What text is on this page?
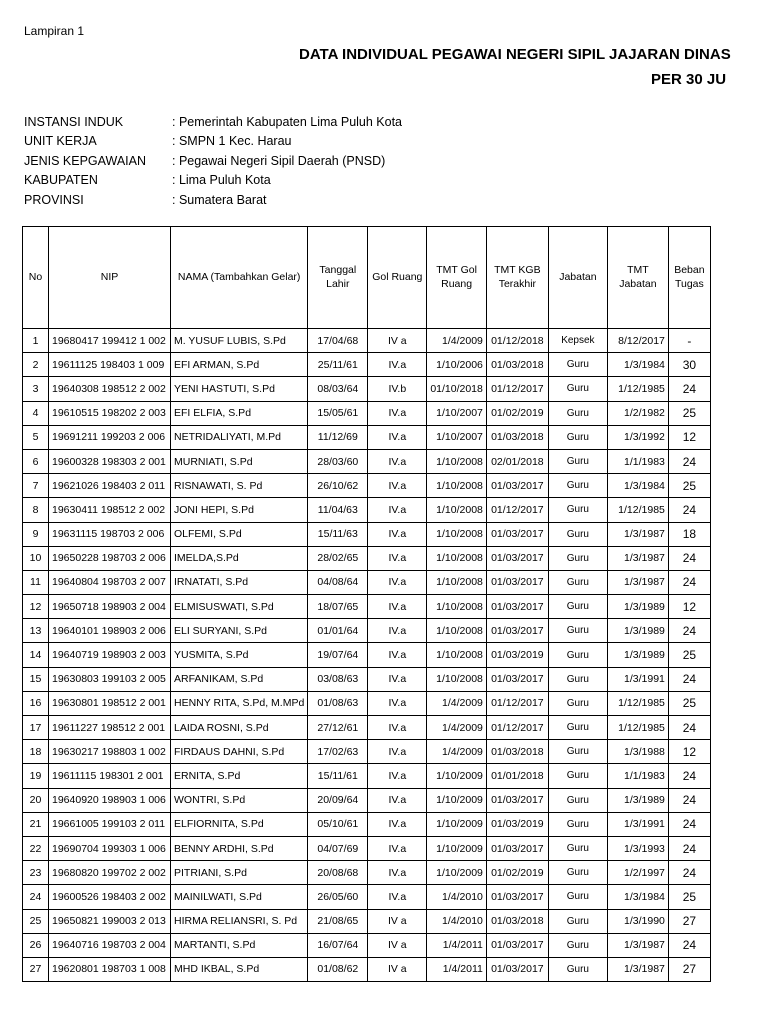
Lampiran 1
DATA INDIVIDUAL PEGAWAI NEGERI SIPIL JAJARAN DINAS
PER 30 JU
INSTANSI INDUK	: Pemerintah Kabupaten Lima Puluh Kota
UNIT KERJA	: SMPN 1 Kec. Harau
JENIS KEPGAWAIAN	: Pegawai Negeri Sipil Daerah (PNSD)
KABUPATEN	: Lima Puluh Kota
PROVINSI	: Sumatera Barat
No	NIP	NAMA (Tambahkan Gelar)	Tanggal Lahir	Gol Ruang	TMT Gol Ruang	TMT KGB Terakhir	Jabatan	TMT Jabatan	Beban Tugas
1	19680417 199412 1 002	M. YUSUF LUBIS, S.Pd	17/04/68	IV a	1/4/2009	01/12/2018	Kepsek	8/12/2017	-
2	19611125 198403 1 009	EFI ARMAN, S.Pd	25/11/61	IV.a	1/10/2006	01/03/2018	Guru	1/3/1984	30
3	19640308 198512 2 002	YENI HASTUTI, S.Pd	08/03/64	IV.b	01/10/2018	01/12/2017	Guru	1/12/1985	24
4	19610515 198202 2 003	EFI ELFIA, S.Pd	15/05/61	IV.a	1/10/2007	01/02/2019	Guru	1/2/1982	25
5	19691211 199203 2 006	NETRIDALIYATI, M.Pd	11/12/69	IV.a	1/10/2007	01/03/2018	Guru	1/3/1992	12
6	19600328 198303 2 001	MURNIATI, S.Pd	28/03/60	IV.a	1/10/2008	02/01/2018	Guru	1/1/1983	24
7	19621026 198403 2 011	RISNAWATI, S. Pd	26/10/62	IV.a	1/10/2008	01/03/2017	Guru	1/3/1984	25
8	19630411 198512 2 002	JONI HEPI, S.Pd	11/04/63	IV.a	1/10/2008	01/12/2017	Guru	1/12/1985	24
9	19631115 198703 2 006	OLFEMI, S.Pd	15/11/63	IV.a	1/10/2008	01/03/2017	Guru	1/3/1987	18
10	19650228 198703 2 006	IMELDA,S.Pd	28/02/65	IV.a	1/10/2008	01/03/2017	Guru	1/3/1987	24
11	19640804 198703 2 007	IRNATATI, S.Pd	04/08/64	IV.a	1/10/2008	01/03/2017	Guru	1/3/1987	24
12	19650718 198903 2 004	ELMISUSWATI, S.Pd	18/07/65	IV.a	1/10/2008	01/03/2017	Guru	1/3/1989	12
13	19640101 198903 2 006	ELI SURYANI, S.Pd	01/01/64	IV.a	1/10/2008	01/03/2017	Guru	1/3/1989	24
14	19640719 198903 2 003	YUSMITA, S.Pd	19/07/64	IV.a	1/10/2008	01/03/2019	Guru	1/3/1989	25
15	19630803 199103 2 005	ARFANIKAM, S.Pd	03/08/63	IV.a	1/10/2008	01/03/2017	Guru	1/3/1991	24
16	19630801 198512 2 001	HENNY RITA, S.Pd, M.MPd	01/08/63	IV.a	1/4/2009	01/12/2017	Guru	1/12/1985	25
17	19611227 198512 2 001	LAIDA ROSNI, S.Pd	27/12/61	IV.a	1/4/2009	01/12/2017	Guru	1/12/1985	24
18	19630217 198803 1 002	FIRDAUS DAHNI, S.Pd	17/02/63	IV.a	1/4/2009	01/03/2018	Guru	1/3/1988	12
19	19611115 198301 2 001	ERNITA, S.Pd	15/11/61	IV.a	1/10/2009	01/01/2018	Guru	1/1/1983	24
20	19640920 198903 1 006	WONTRI, S.Pd	20/09/64	IV.a	1/10/2009	01/03/2017	Guru	1/3/1989	24
21	19661005 199103 2 011	ELFIORNITA, S.Pd	05/10/61	IV.a	1/10/2009	01/03/2019	Guru	1/3/1991	24
22	19690704 199303 1 006	BENNY ARDHI, S.Pd	04/07/69	IV.a	1/10/2009	01/03/2017	Guru	1/3/1993	24
23	19680820 199702 2 002	PITRIANI, S.Pd	20/08/68	IV.a	1/10/2009	01/02/2019	Guru	1/2/1997	24
24	19600526 198403 2 002	MAINILWATI, S.Pd	26/05/60	IV.a	1/4/2010	01/03/2017	Guru	1/3/1984	25
25	19650821 199003 2 013	HIRMA RELIANSRI, S. Pd	21/08/65	IV a	1/4/2010	01/03/2018	Guru	1/3/1990	27
26	19640716 198703 2 004	MARTANTI, S.Pd	16/07/64	IV a	1/4/2011	01/03/2017	Guru	1/3/1987	24
27	19620801 198703 1 008	MHD IKBAL, S.Pd	01/08/62	IV a	1/4/2011	01/03/2017	Guru	1/3/1987	27
